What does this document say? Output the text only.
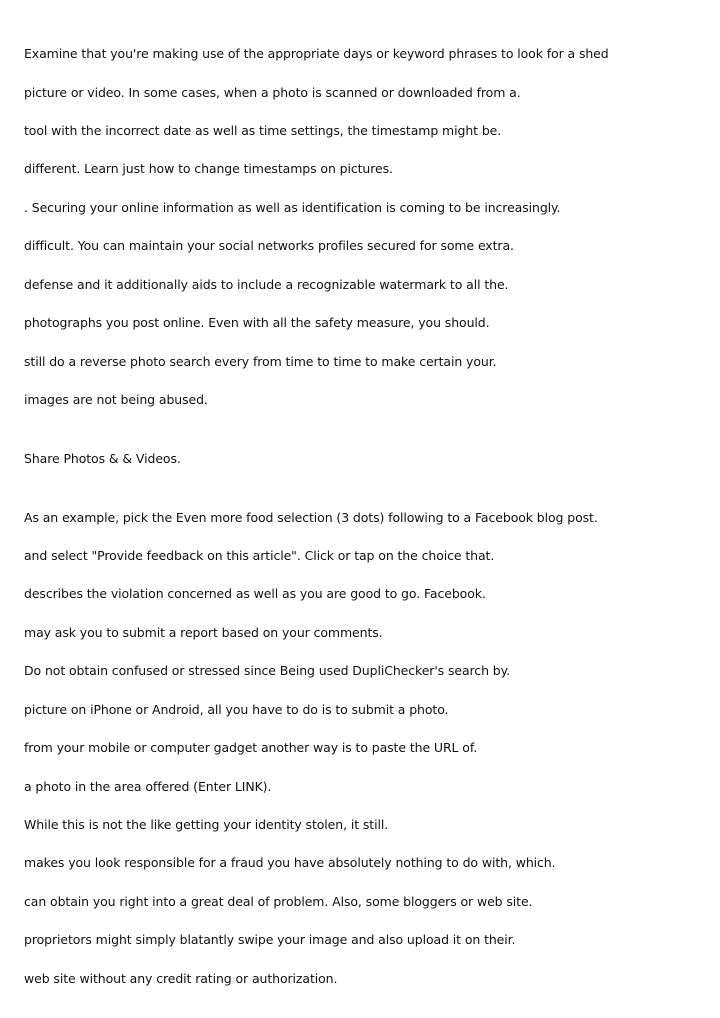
Examine that you're making use of the appropriate days or keyword phrases to look for a shed
picture or video. In some cases, when a photo is scanned or downloaded from a.
tool with the incorrect date as well as time settings, the timestamp might be.
different. Learn just how to change timestamps on pictures.
. Securing your online information as well as identification is coming to be increasingly.
difficult. You can maintain your social networks profiles secured for some extra.
defense and it additionally aids to include a recognizable watermark to all the.
photographs you post online. Even with all the safety measure, you should.
still do a reverse photo search every from time to time to make certain your.
images are not being abused.
Share Photos & & Videos.
As an example, pick the Even more food selection (3 dots) following to a Facebook blog post.
and select "Provide feedback on this article". Click or tap on the choice that.
describes the violation concerned as well as you are good to go. Facebook.
may ask you to submit a report based on your comments.
Do not obtain confused or stressed since Being used DupliChecker's search by.
picture on iPhone or Android, all you have to do is to submit a photo.
from your mobile or computer gadget another way is to paste the URL of.
a photo in the area offered (Enter LINK).
While this is not the like getting your identity stolen, it still.
makes you look responsible for a fraud you have absolutely nothing to do with, which.
can obtain you right into a great deal of problem. Also, some bloggers or web site.
proprietors might simply blatantly swipe your image and also upload it on their.
web site without any credit rating or authorization.
